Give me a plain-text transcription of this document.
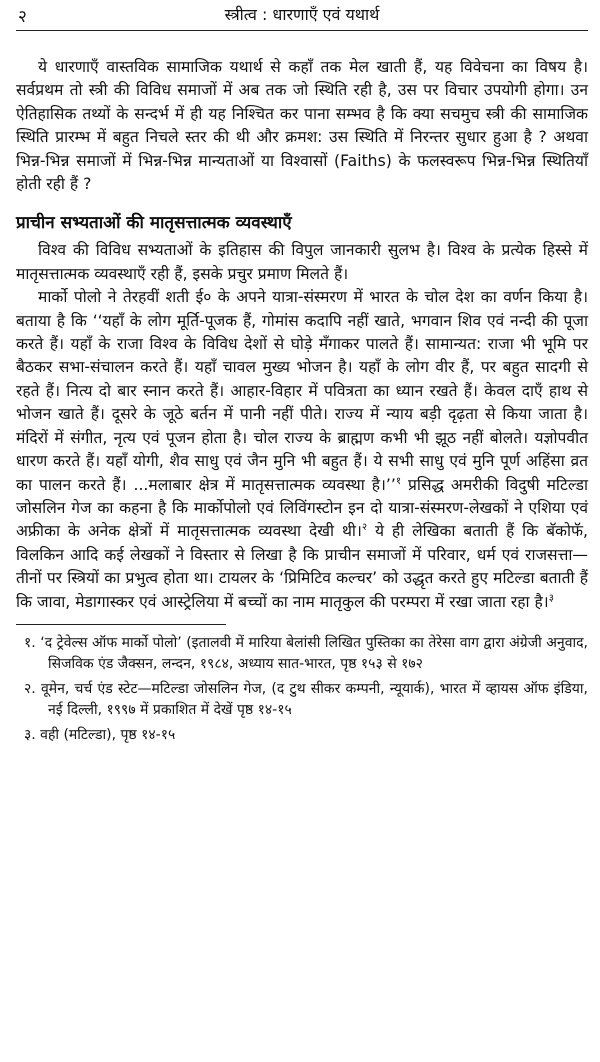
२	स्त्रीत्व : धारणाएँ एवं यथार्थ

ये धारणाएँ वास्तविक सामाजिक यथार्थ से कहाँ तक मेल खाती हैं, यह विवेचना का विषय है। सर्वप्रथम तो स्त्री की विविध समाजों में अब तक जो स्थिति रही है, उस पर विचार उपयोगी होगा। उन ऐतिहासिक तथ्यों के सन्दर्भ में ही यह निश्चित कर पाना सम्भव है कि क्या सचमुच स्त्री की सामाजिक स्थिति प्रारम्भ में बहुत निचले स्तर की थी और क्रमश: उस स्थिति में निरन्तर सुधार हुआ है ? अथवा भिन्न-भिन्न समाजों में भिन्न-भिन्न मान्यताओं या विश्वासों (Faiths) के फलस्वरूप भिन्न-भिन्न स्थितियाँ होती रही हैं ?

प्राचीन सभ्यताओं की मातृसत्तात्मक व्यवस्थाएँ

विश्व की विविध सभ्यताओं के इतिहास की विपुल जानकारी सुलभ है। विश्व के प्रत्येक हिस्से में मातृसत्तात्मक व्यवस्थाएँ रही हैं, इसके प्रचुर प्रमाण मिलते हैं।

मार्को पोलो ने तेरहवीं शती ई० के अपने यात्रा-संस्मरण में भारत के चोल देश का वर्णन किया है। बताया है कि ‘‘यहाँ के लोग मूर्ति-पूजक हैं, गोमांस कदापि नहीं खाते, भगवान शिव एवं नन्दी की पूजा करते हैं। यहाँ के राजा विश्व के विविध देशों से घोड़े मँगाकर पालते हैं। सामान्यत: राजा भी भूमि पर बैठकर सभा-संचालन करते हैं। यहाँ चावल मुख्य भोजन है। यहाँ के लोग वीर हैं, पर बहुत सादगी से रहते हैं। नित्य दो बार स्नान करते हैं। आहार-विहार में पवित्रता का ध्यान रखते हैं। केवल दाएँ हाथ से भोजन खाते हैं। दूसरे के जूठे बर्तन में पानी नहीं पीते। राज्य में न्याय बड़ी दृढ़ता से किया जाता है। मंदिरों में संगीत, नृत्य एवं पूजन होता है। चोल राज्य के ब्राह्मण कभी भी झूठ नहीं बोलते। यज्ञोपवीत धारण करते हैं। यहाँ योगी, शैव साधु एवं जैन मुनि भी बहुत हैं। ये सभी साधु एवं मुनि पूर्ण अहिंसा व्रत का पालन करते हैं। ...मलाबार क्षेत्र में मातृसत्तात्मक व्यवस्था है।’’$^१$ प्रसिद्ध अमरीकी विदुषी मटिल्डा जोसलिन गेज का कहना है कि मार्कोपोलो एवं लिविंगस्टोन इन दो यात्रा-संस्मरण-लेखकों ने एशिया एवं अफ्रीका के अनेक क्षेत्रों में मातृसत्तात्मक व्यवस्था देखी थी।$^२$ ये ही लेखिका बताती हैं कि बॅकोफॅ, विलकिन आदि कई लेखकों ने विस्तार से लिखा है कि प्राचीन समाजों में परिवार, धर्म एवं राजसत्ता—तीनों पर स्त्रियों का प्रभुत्व होता था। टायलर के ‘प्रिमिटिव कल्चर’ को उद्धृत करते हुए मटिल्डा बताती हैं कि जावा, मेडागास्कर एवं आस्ट्रेलिया में बच्चों का नाम मातृकुल की परम्परा में रखा जाता रहा है।$^३$

१. ‘द ट्रेवेल्स ऑफ मार्को पोलो’ (इतालवी में मारिया बेलांसी लिखित पुस्तिका का तेरेसा वाग द्वारा अंग्रेजी अनुवाद, सिजविक एंड जैक्सन, लन्दन, १९८४, अध्याय सात-भारत, पृष्ठ १५३ से १७२

२. वूमेन, चर्च एंड स्टेट—मटिल्डा जोसलिन गेज, (द टुथ सीकर कम्पनी, न्यूयार्क), भारत में व्हायस ऑफ इंडिया, नई दिल्ली, १९९७ में प्रकाशित में देखें पृष्ठ १४-१५

३. वही (मटिल्डा), पृष्ठ १४-१५
